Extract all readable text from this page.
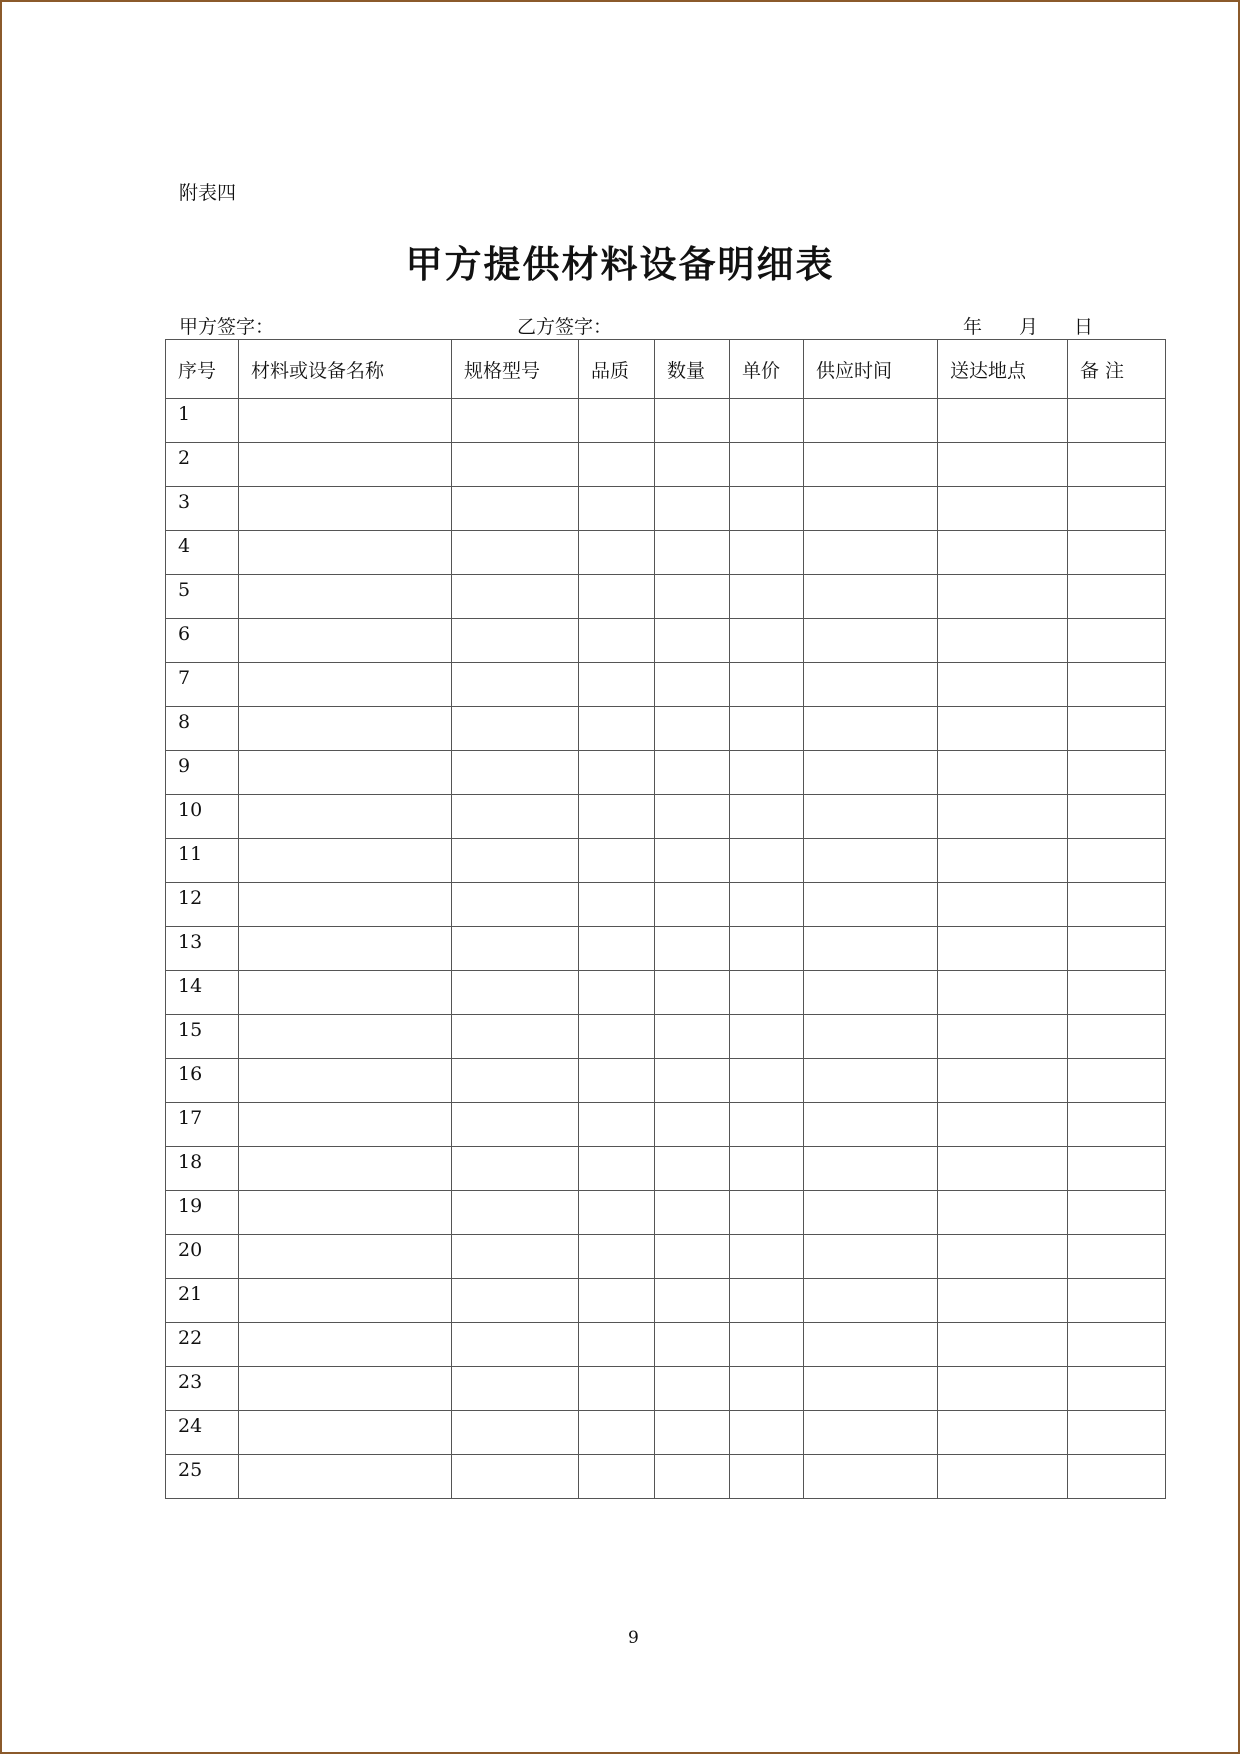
附表四
甲方提供材料设备明细表
甲方签字：	乙方签字：	年 月 日
序号	材料或设备名称	规格型号	品质	数量	单价	供应时间	送达地点	备 注
1								
2								
3								
4								
5								
6								
7								
8								
9								
10								
11								
12								
13								
14								
15								
16								
17								
18								
19								
20								
21								
22								
23								
24								
25								
9
